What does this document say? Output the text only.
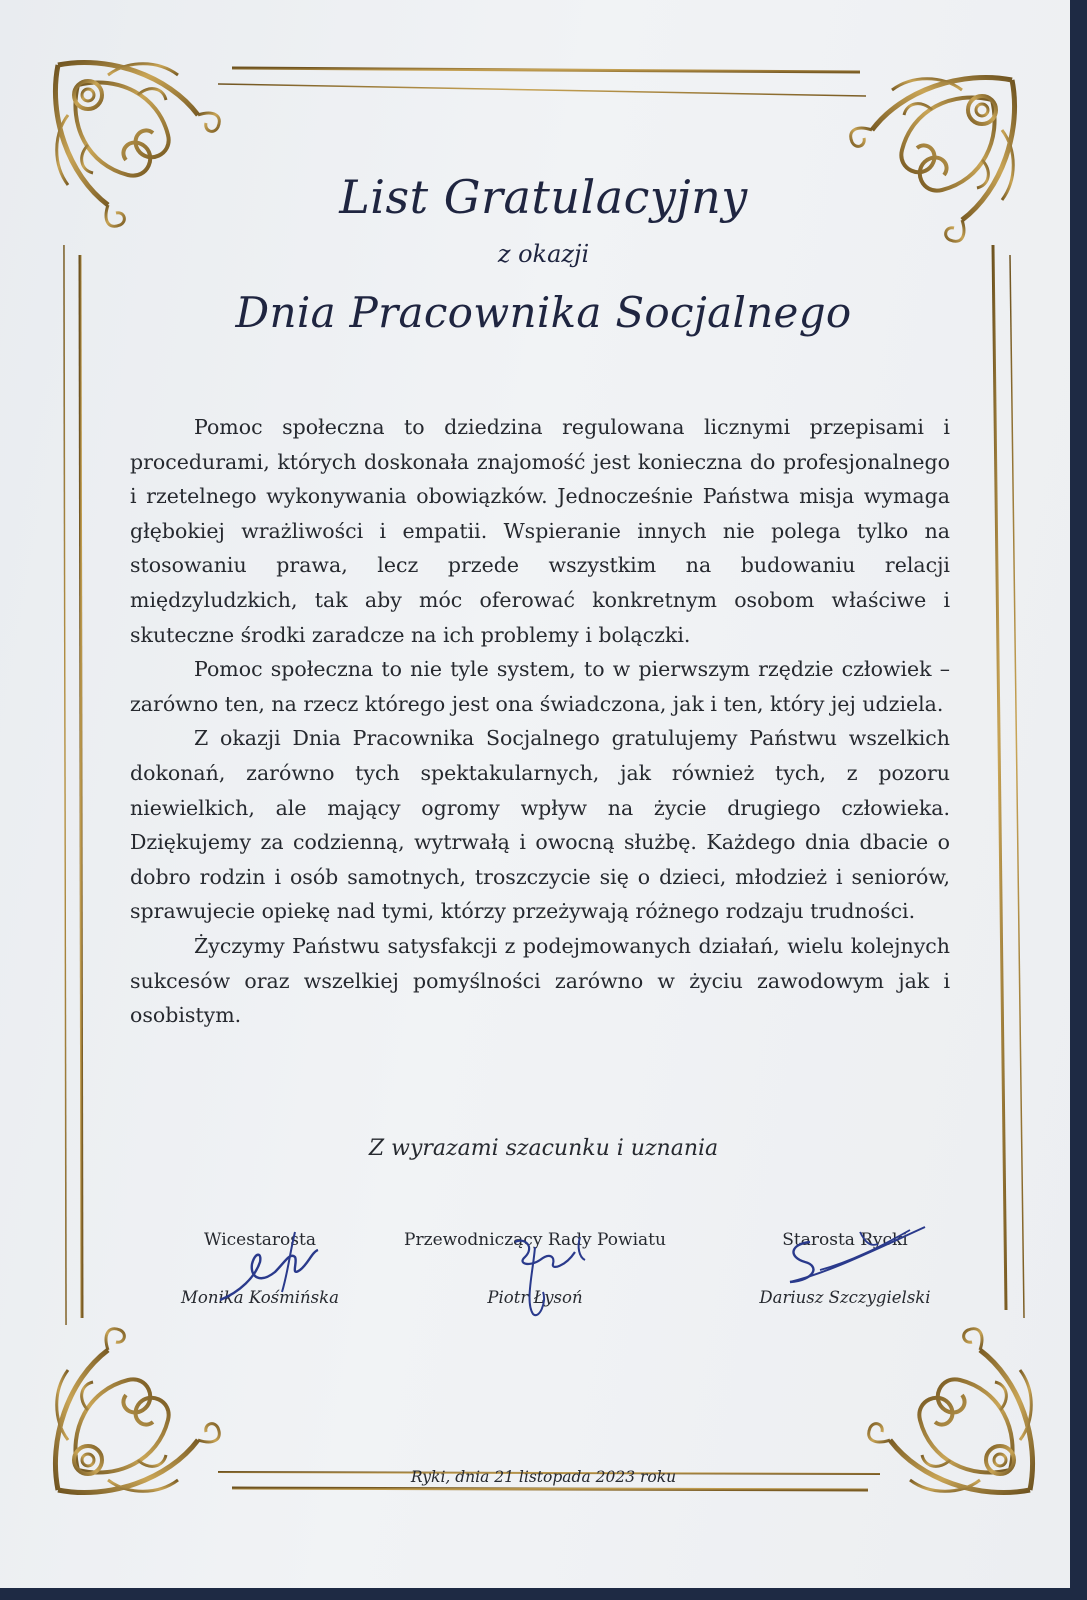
List Gratulacyjny
z okazji
Dnia Pracownika Socjalnego

Pomoc społeczna to dziedzina regulowana licznymi przepisami i procedurami, których doskonała znajomość jest konieczna do profesjonalnego i rzetelnego wykonywania obowiązków. Jednocześnie Państwa misja wymaga głębokiej wrażliwości i empatii. Wspieranie innych nie polega tylko na stosowaniu prawa, lecz przede wszystkim na budowaniu relacji międzyludzkich, tak aby móc oferować konkretnym osobom właściwe i skuteczne środki zaradcze na ich problemy i bolączki.

Pomoc społeczna to nie tyle system, to w pierwszym rzędzie człowiek – zarówno ten, na rzecz którego jest ona świadczona, jak i ten, który jej udziela.

Z okazji Dnia Pracownika Socjalnego gratulujemy Państwu wszelkich dokonań, zarówno tych spektakularnych, jak również tych, z pozoru niewielkich, ale mający ogromy wpływ na życie drugiego człowieka. Dziękujemy za codzienną, wytrwałą i owocną służbę. Każdego dnia dbacie o dobro rodzin i osób samotnych, troszczycie się o dzieci, młodzież i seniorów, sprawujecie opiekę nad tymi, którzy przeżywają różnego rodzaju trudności.

Życzymy Państwu satysfakcji z podejmowanych działań, wielu kolejnych sukcesów oraz wszelkiej pomyślności zarówno w życiu zawodowym jak i osobistym.

Z wyrazami szacunku i uznania
Wicestarosta
Monika Kośmińska
Przewodniczący Rady Powiatu
Piotr Łysoń
Starosta Rycki
Dariusz Szczygielski
Ryki, dnia 21 listopada 2023 roku
